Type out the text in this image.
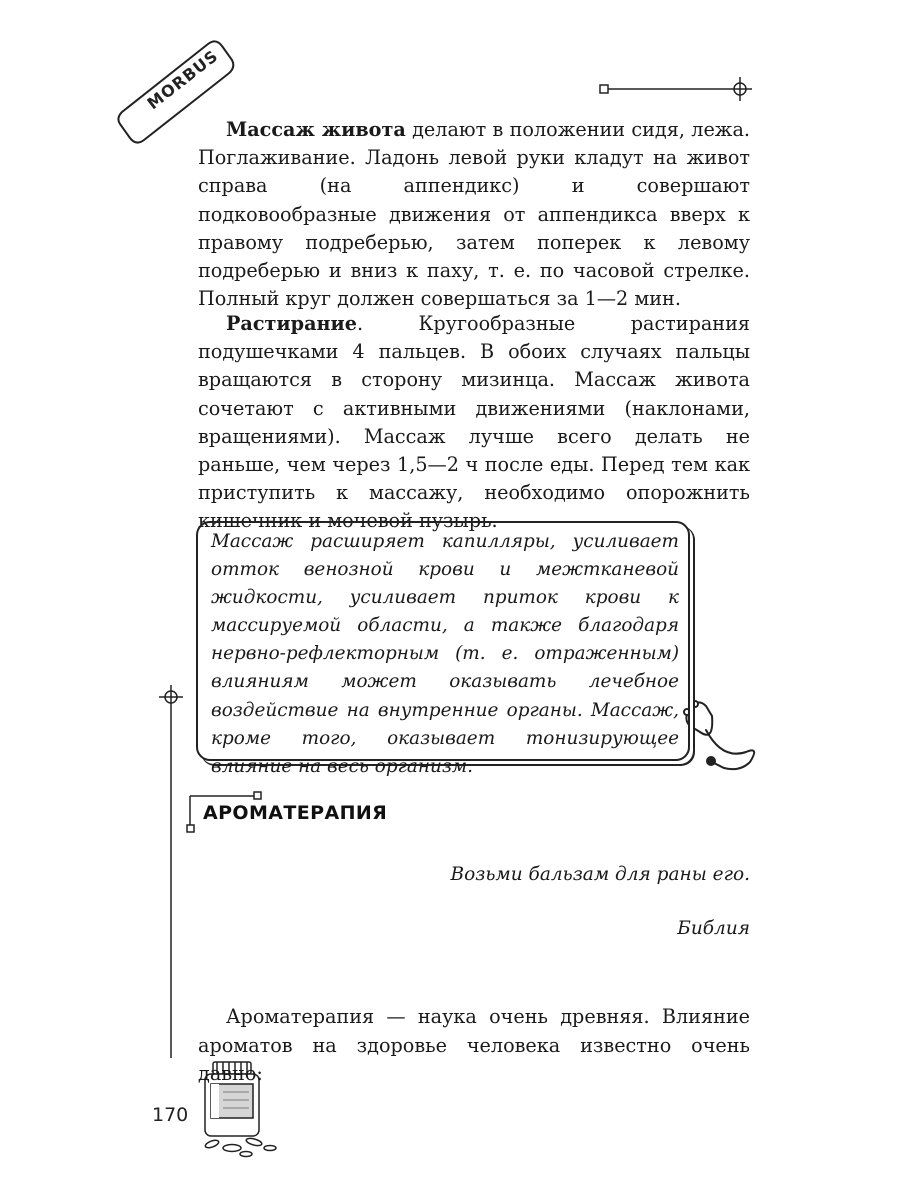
MORBUS

Массаж живота делают в положении сидя, лежа. Поглаживание. Ладонь левой руки кладут на живот справа (на аппендикс) и совершают подковообразные движения от аппендикса вверх к правому подреберью, затем поперек к левому подреберью и вниз к паху, т. е. по часовой стрелке. Полный круг должен совершаться за 1—2 мин.

Растирание. Кругообразные растирания подушечками 4 пальцев. В обоих случаях пальцы вращаются в сторону мизинца. Массаж живота сочетают с активными движениями (наклонами, вращениями). Массаж лучше всего делать не раньше, чем через 1,5—2 ч после еды. Перед тем как приступить к массажу, необходимо опорожнить кишечник и мочевой пузырь.

Массаж расширяет капилляры, усиливает отток венозной крови и межтканевой жидкости, усиливает приток крови к массируемой области, а также благодаря нервно-рефлекторным (т. е. отраженным) влияниям может оказывать лечебное воздействие на внутренние органы. Массаж, кроме того, оказывает тонизирующее влияние на весь организм.

АРОМАТЕРАПИЯ
Возьми бальзам для раны его.
Библия

Ароматерапия — наука очень древняя. Влияние ароматов на здоровье человека известно очень давно:

170
